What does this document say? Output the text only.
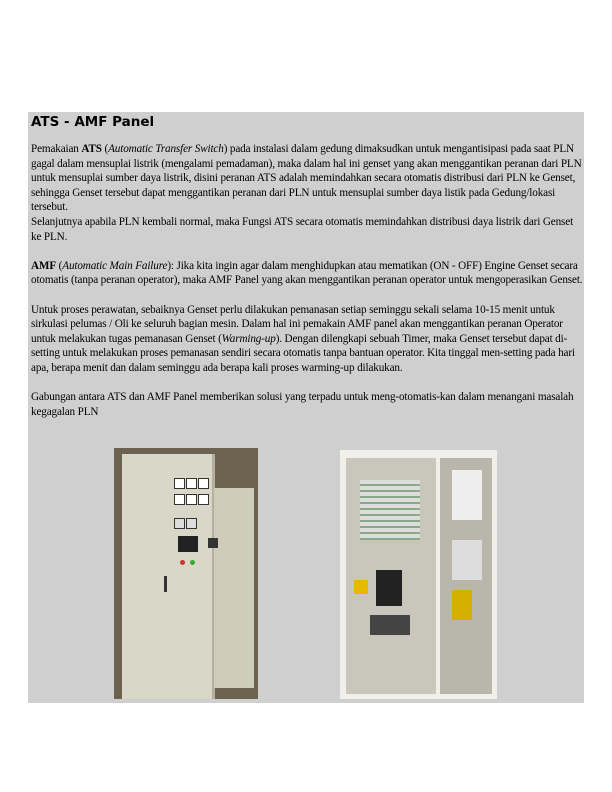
ATS - AMF Panel

Pemakaian ATS (Automatic Transfer Switch) pada instalasi dalam gedung dimaksudkan untuk mengantisipasi pada saat PLN gagal dalam mensuplai listrik (mengalami pemadaman), maka dalam hal ini genset yang akan menggantikan peranan dari PLN untuk mensuplai sumber daya listrik, disini peranan ATS adalah memindahkan secara otomatis distribusi dari PLN ke Genset, sehingga Genset tersebut dapat menggantikan peranan dari PLN untuk mensuplai sumber daya listik pada Gedung/lokasi tersebut.
Selanjutnya apabila PLN kembali normal, maka Fungsi ATS secara otomatis memindahkan distribusi daya listrik dari Genset ke PLN.

AMF (Automatic Main Failure): Jika kita ingin agar dalam menghidupkan atau mematikan (ON - OFF) Engine Genset secara otomatis (tanpa peranan operator), maka AMF Panel yang akan menggantikan peranan operator untuk mengoperasikan Genset.

Untuk proses perawatan, sebaiknya Genset perlu dilakukan pemanasan setiap seminggu sekali selama 10-15 menit untuk sirkulasi pelumas / Oli ke seluruh bagian mesin. Dalam hal ini pemakain AMF panel akan menggantikan peranan Operator untuk melakukan tugas pemanasan Genset (Warming-up). Dengan dilengkapi sebuah Timer, maka Genset tersebut dapat di-setting untuk melakukan proses pemanasan sendiri secara otomatis tanpa bantuan operator. Kita tinggal men-setting pada hari apa, berapa menit dan dalam seminggu ada berapa kali proses warming-up dilakukan.

Gabungan antara ATS dan AMF Panel memberikan solusi yang terpadu untuk meng-otomatis-kan dalam menangani masalah kegagalan PLN
